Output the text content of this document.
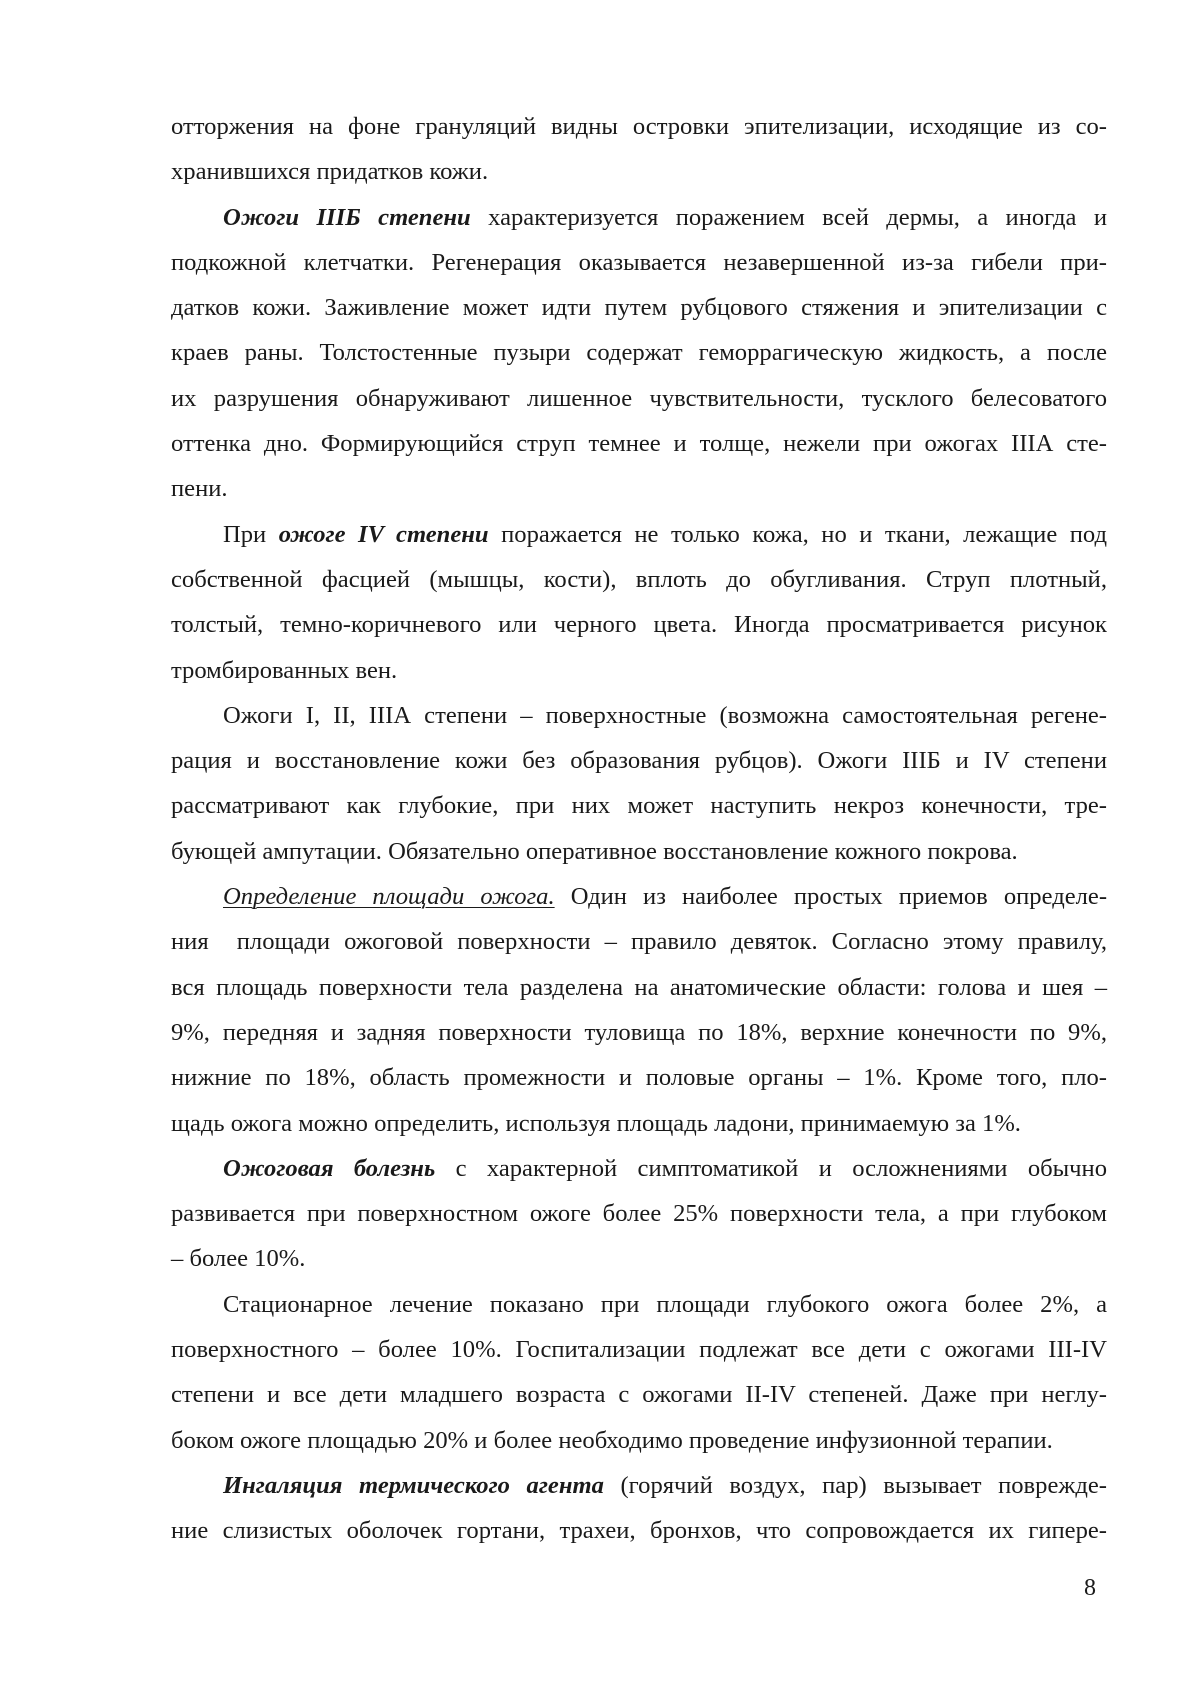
отторжения на фоне грануляций видны островки эпителизации, исходящие из со-
хранившихся придатков кожи.
Ожоги IIIБ степени характеризуется поражением всей дермы, а иногда и
подкожной клетчатки. Регенерация оказывается незавершенной из-за гибели при-
датков кожи. Заживление может идти путем рубцового стяжения и эпителизации с
краев раны. Толстостенные пузыри содержат геморрагическую жидкость, а после
их разрушения обнаруживают лишенное чувствительности, тусклого белесоватого
оттенка дно. Формирующийся струп темнее и толще, нежели при ожогах IIIА сте-
пени.
При ожоге IV степени поражается не только кожа, но и ткани, лежащие под
собственной фасцией (мышцы, кости), вплоть до обугливания. Струп плотный,
толстый, темно-коричневого или черного цвета. Иногда просматривается рисунок
тромбированных вен.
Ожоги I, II, IIIА степени – поверхностные (возможна самостоятельная регене-
рация и восстановление кожи без образования рубцов). Ожоги IIIБ и IV степени
рассматривают как глубокие, при них может наступить некроз конечности, тре-
бующей ампутации. Обязательно оперативное восстановление кожного покрова.
Определение площади ожога. Один из наиболее простых приемов определе-
ния  площади ожоговой поверхности – правило девяток. Согласно этому правилу,
вся площадь поверхности тела разделена на анатомические области: голова и шея –
9%, передняя и задняя поверхности туловища по 18%, верхние конечности по 9%,
нижние по 18%, область промежности и половые органы – 1%. Кроме того, пло-
щадь ожога можно определить, используя площадь ладони, принимаемую за 1%.
Ожоговая болезнь с характерной симптоматикой и осложнениями обычно
развивается при поверхностном ожоге более 25% поверхности тела, а при глубоком
– более 10%.
Стационарное лечение показано при площади глубокого ожога более 2%, а
поверхностного – более 10%. Госпитализации подлежат все дети с ожогами III-IV
степени и все дети младшего возраста с ожогами II-IV степеней. Даже при неглу-
боком ожоге площадью 20% и более необходимо проведение инфузионной терапии.
Ингаляция термического агента (горячий воздух, пар) вызывает поврежде-
ние слизистых оболочек гортани, трахеи, бронхов, что сопровождается их гипере-
8
